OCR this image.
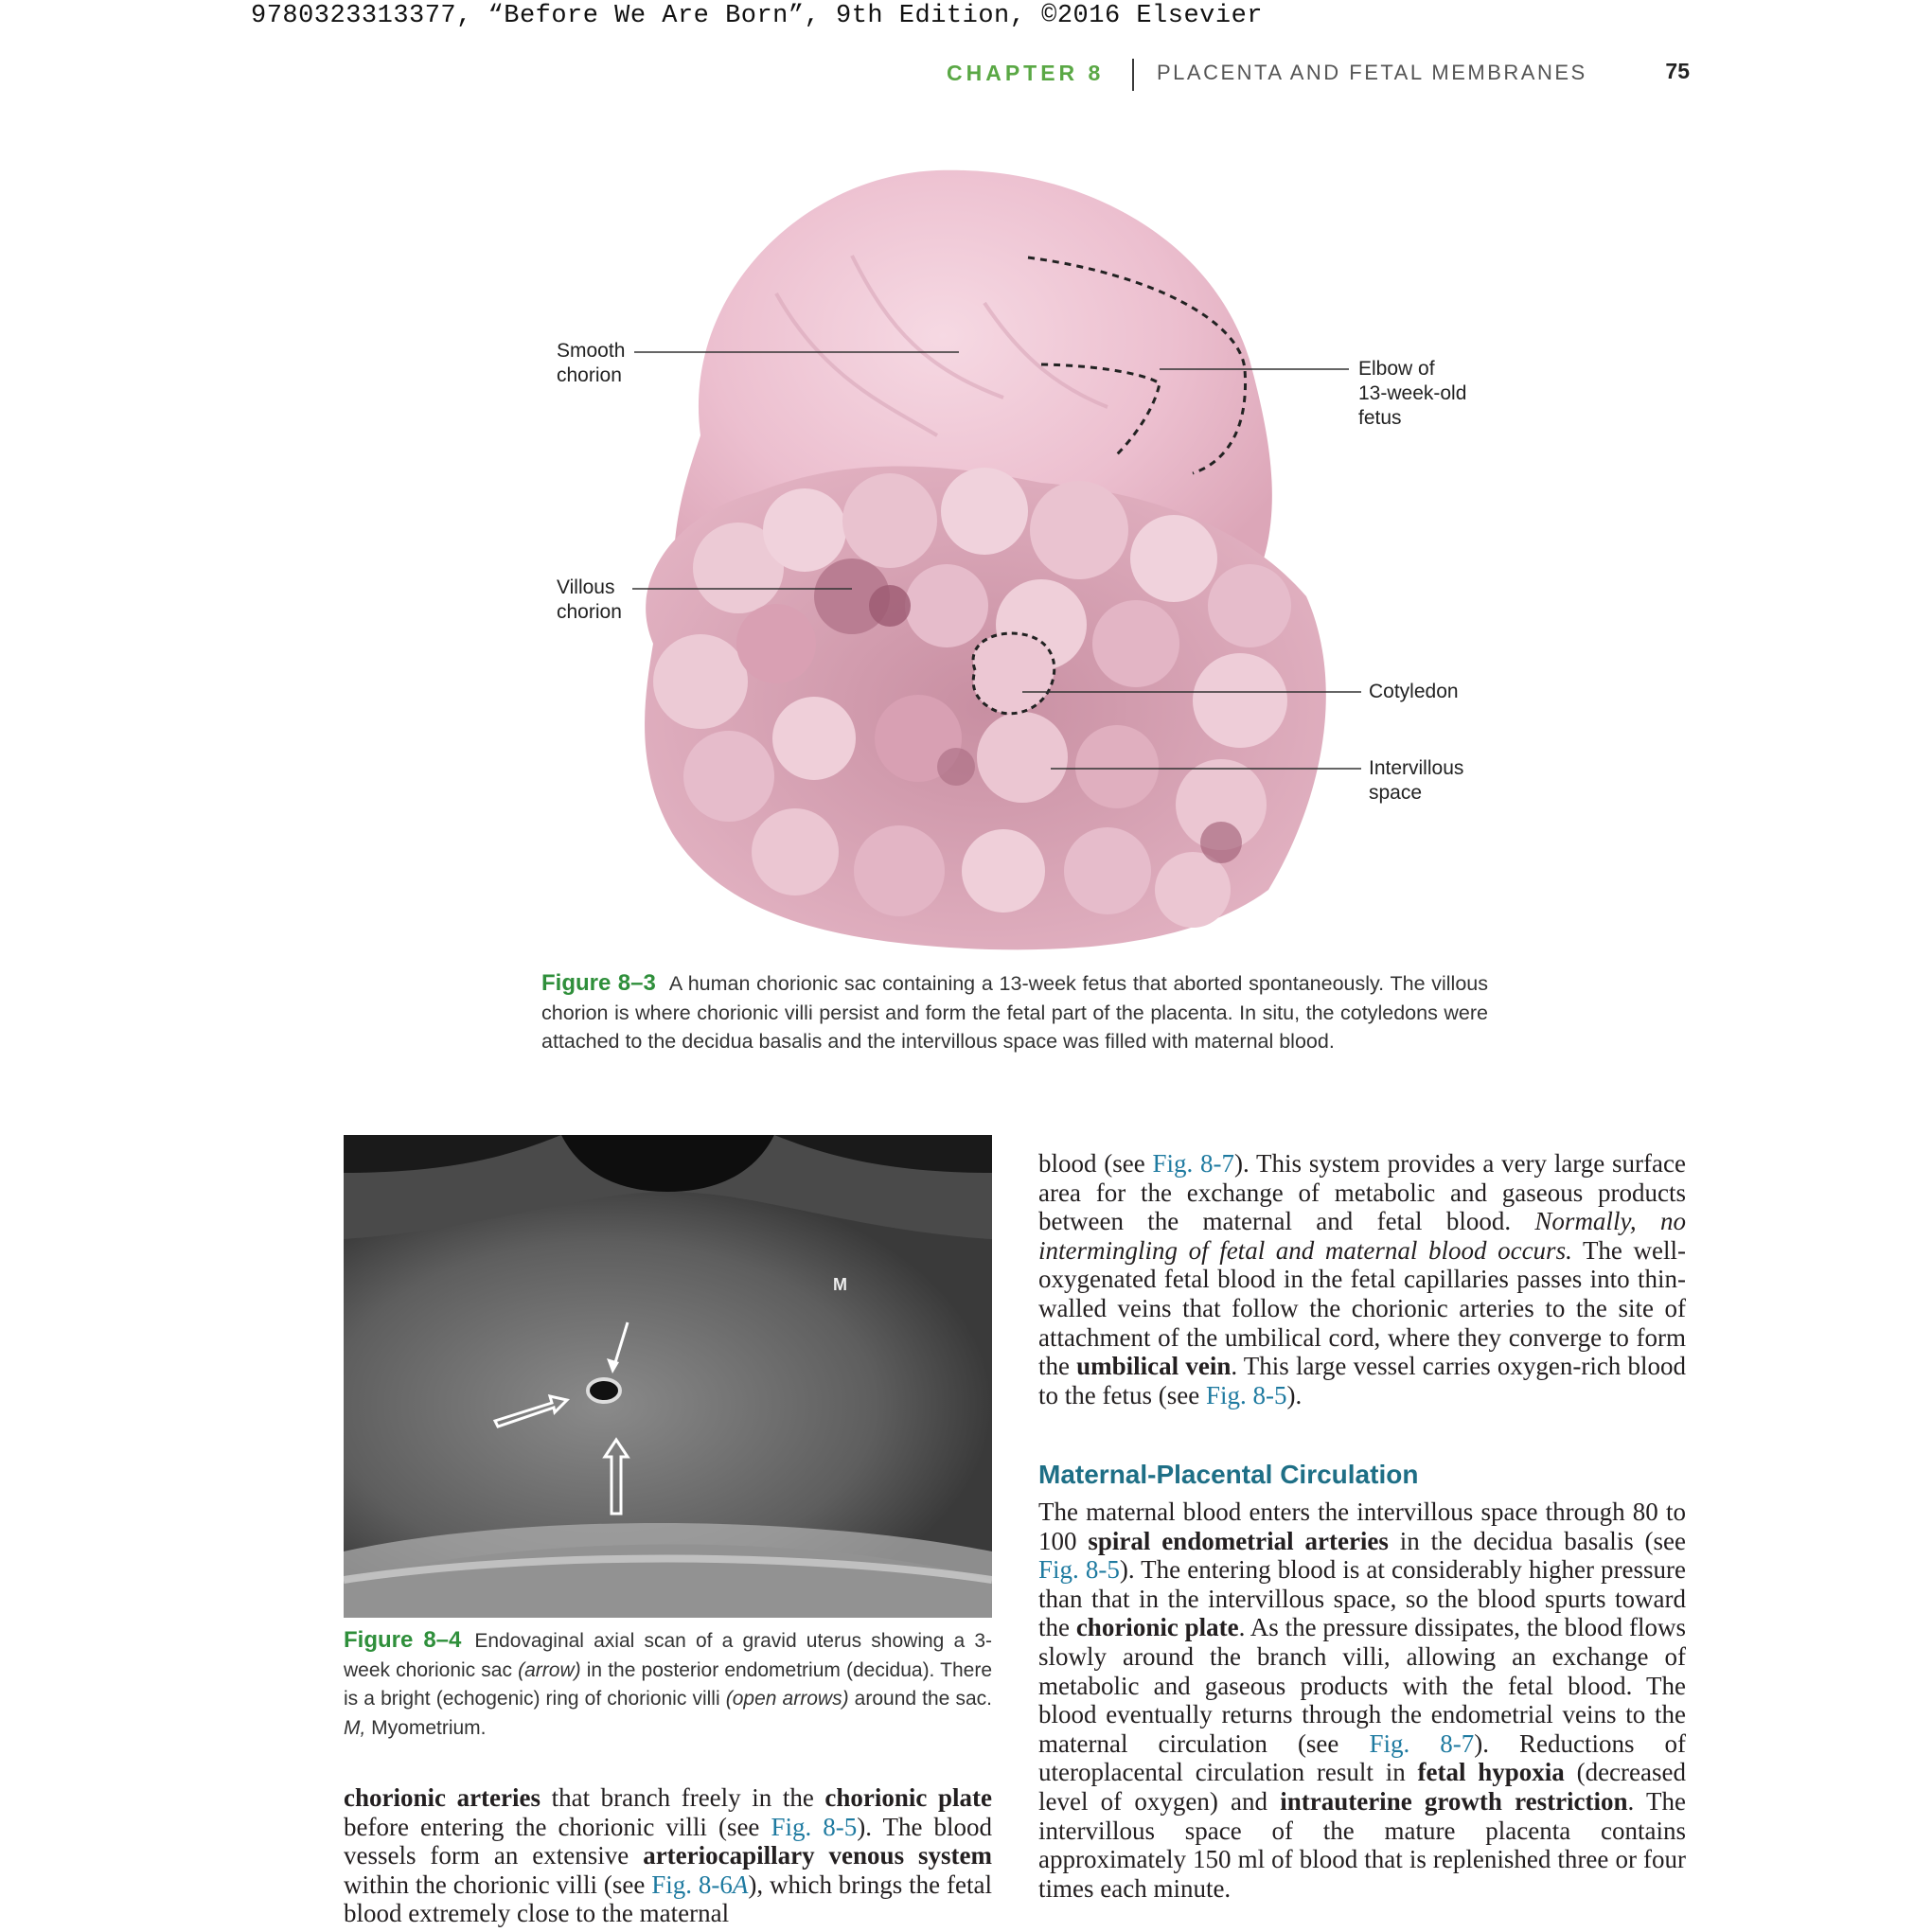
9780323313377, “Before We Are Born”, 9th Edition, ©2016 Elsevier
CHAPTER 8	PLACENTA AND FETAL MEMBRANES	75
Smooth
chorion	Elbow of
13-week-old
fetus
Villous
chorion
Cotyledon
Intervillous
space
Figure 8–3 A human chorionic sac containing a 13-week fetus that aborted spontaneously. The villous chorion is where chorionic villi persist and form the fetal part of the placenta. In situ, the cotyledons were attached to the decidua basalis and the intervillous space was filled with maternal blood.
M
Figure 8–4 Endovaginal axial scan of a gravid uterus showing a 3-week chorionic sac (arrow) in the posterior endometrium (decidua). There is a bright (echogenic) ring of chorionic villi (open arrows) around the sac. M, Myometrium.
chorionic arteries that branch freely in the chorionic plate before entering the chorionic villi (see Fig. 8-5). The blood vessels form an extensive arteriocapillary venous system within the chorionic villi (see Fig. 8-6A), which brings the fetal blood extremely close to the maternal
blood (see Fig. 8-7). This system provides a very large surface area for the exchange of metabolic and gaseous products between the maternal and fetal blood. Normally, no intermingling of fetal and maternal blood occurs. The well-oxygenated fetal blood in the fetal capillaries passes into thin-walled veins that follow the chorionic arteries to the site of attachment of the umbilical cord, where they converge to form the umbilical vein. This large vessel carries oxygen-rich blood to the fetus (see Fig. 8-5).
Maternal-Placental Circulation
The maternal blood enters the intervillous space through 80 to 100 spiral endometrial arteries in the decidua basalis (see Fig. 8-5). The entering blood is at considerably higher pressure than that in the intervillous space, so the blood spurts toward the chorionic plate. As the pressure dissipates, the blood flows slowly around the branch villi, allowing an exchange of metabolic and gaseous products with the fetal blood. The blood eventually returns through the endometrial veins to the maternal circulation (see Fig. 8-7). Reductions of uteroplacental circulation result in fetal hypoxia (decreased level of oxygen) and intrauterine growth restriction. The intervillous space of the mature placenta contains approximately 150 ml of blood that is replenished three or four times each minute.
